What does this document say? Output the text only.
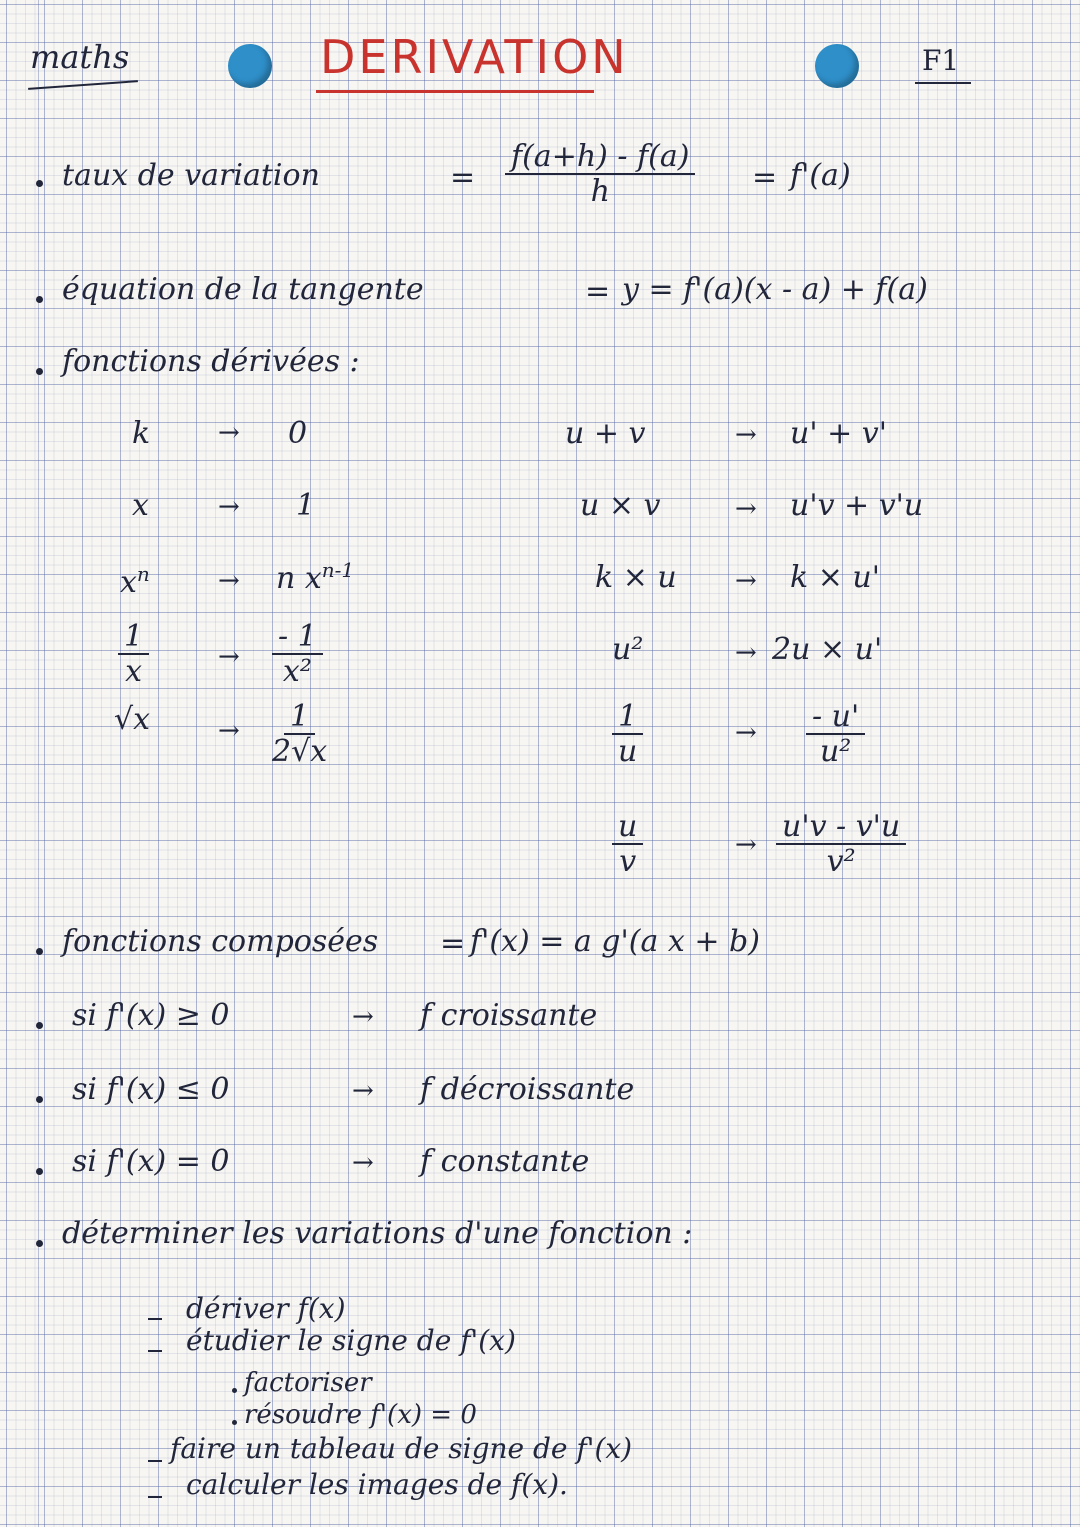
maths	DERIVATION	F1
taux de variation	= $\frac{f(a+h) - f(a)}{h} = f'(a)$
équation de la tangente	= y = f'(a)(x - a) + f(a)
fonctions dérivées :
k	→ 0
x	→ 1
$x^n$	→ n $x^{n-1}$
$\frac{1}{x}$	→ $\frac{- 1}{\text{x²}}$
√x	→ $\frac{1}{2√x}$
u + v	→ u' + v'
u × v	→ u'v + v'u
k × u → k × u'
u²	→ 2u × u'
$\frac{1}{u}$	→ $\frac{- u'}{\text{u²}}$
$\frac{u}{v}$	→ $\frac{u'v - v'u}{\text{v²}}$
fonctions composées = f'(x) = a g'(a x + b)
si f'(x) ≥ 0	→ f croissante
si f'(x) ≤ 0	→ f décroissante
si f'(x) = 0	→ f constante
déterminer les variations d'une fonction :
dériver f(x)
étudier le signe de f'(x)
factoriser
résoudre f'(x) = 0
faire un tableau de signe de f'(x)
calculer les images de f(x).
